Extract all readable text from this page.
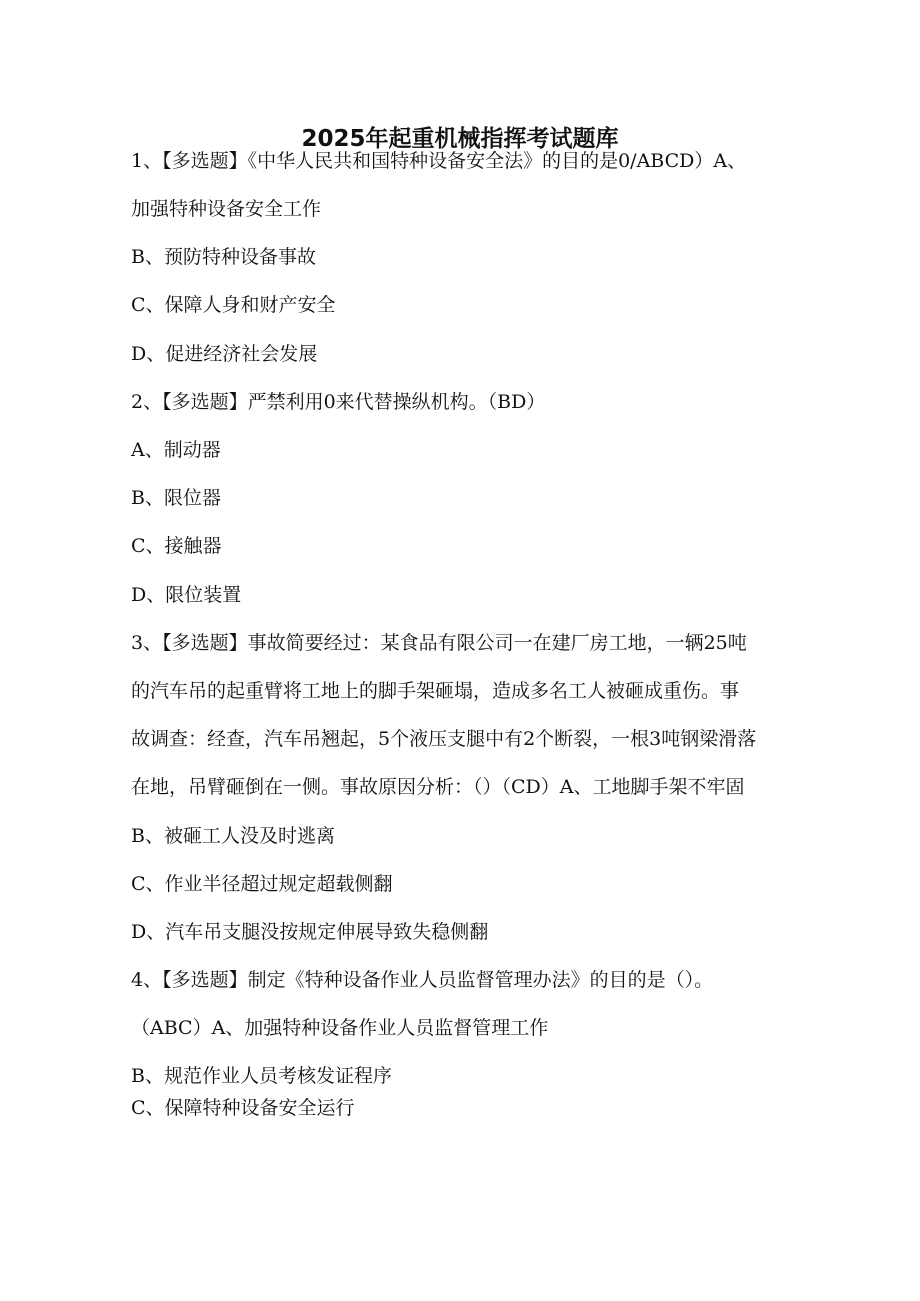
2025年起重机械指挥考试题库
1、【多选题】《中华人民共和国特种设备安全法》的目的是0/ABCD）A、
加强特种设备安全工作
B、预防特种设备事故
C、保障人身和财产安全
D、促进经济社会发展
2、【多选题】严禁利用0来代替操纵机构。（BD）
A、制动器
B、限位器
C、接触器
D、限位装置
3、【多选题】事故简要经过：某食品有限公司一在建厂房工地，一辆25吨
的汽车吊的起重臂将工地上的脚手架砸塌，造成多名工人被砸成重伤。事
故调查：经查，汽车吊翘起，5个液压支腿中有2个断裂，一根3吨钢梁滑落
在地，吊臂砸倒在一侧。事故原因分析：（）（CD）A、工地脚手架不牢固
B、被砸工人没及时逃离
C、作业半径超过规定超载侧翻
D、汽车吊支腿没按规定伸展导致失稳侧翻
4、【多选题】制定《特种设备作业人员监督管理办法》的目的是（）。
（ABC）A、加强特种设备作业人员监督管理工作
B、规范作业人员考核发证程序
C、保障特种设备安全运行
